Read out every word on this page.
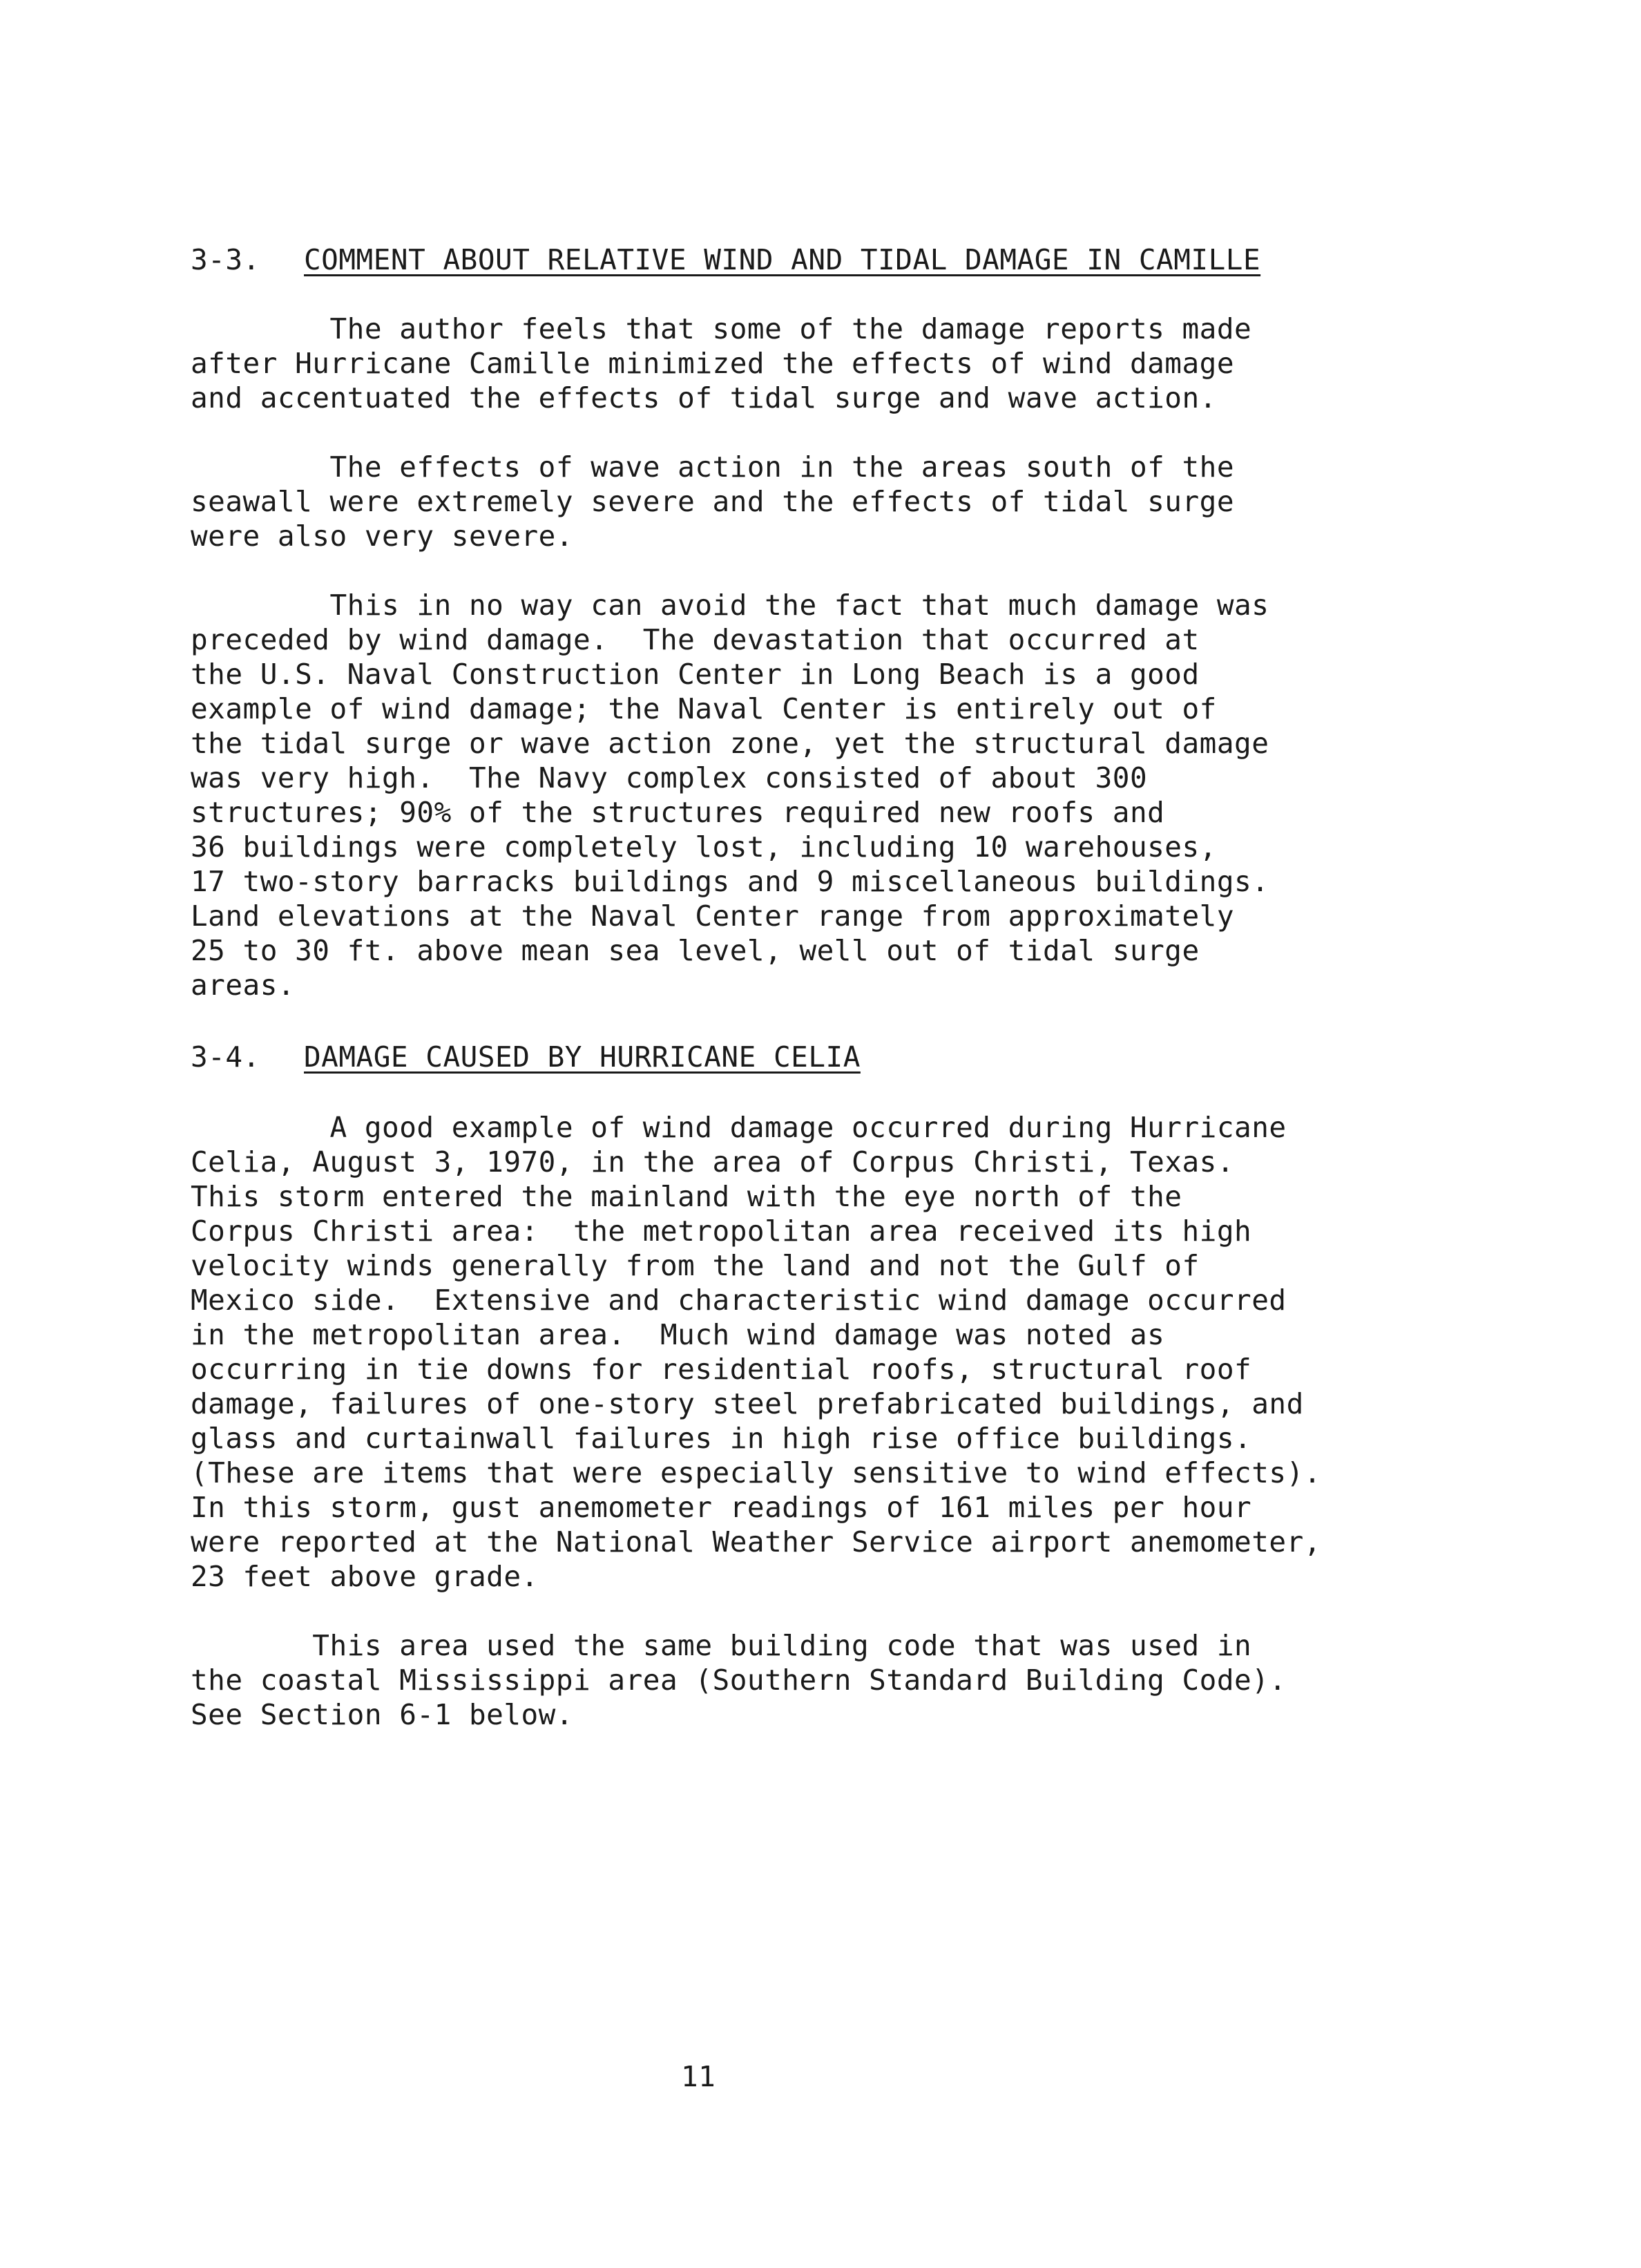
3-3. COMMENT ABOUT RELATIVE WIND AND TIDAL DAMAGE IN CAMILLE
The author feels that some of the damage reports made
after Hurricane Camille minimized the effects of wind damage
and accentuated the effects of tidal surge and wave action.
The effects of wave action in the areas south of the
seawall were extremely severe and the effects of tidal surge
were also very severe.
This in no way can avoid the fact that much damage was
preceded by wind damage.  The devastation that occurred at
the U.S. Naval Construction Center in Long Beach is a good
example of wind damage; the Naval Center is entirely out of
the tidal surge or wave action zone, yet the structural damage
was very high.  The Navy complex consisted of about 300
structures; 90% of the structures required new roofs and
36 buildings were completely lost, including 10 warehouses,
17 two-story barracks buildings and 9 miscellaneous buildings.
Land elevations at the Naval Center range from approximately
25 to 30 ft. above mean sea level, well out of tidal surge
areas.
3-4. DAMAGE CAUSED BY HURRICANE CELIA
A good example of wind damage occurred during Hurricane
Celia, August 3, 1970, in the area of Corpus Christi, Texas.
This storm entered the mainland with the eye north of the
Corpus Christi area:  the metropolitan area received its high
velocity winds generally from the land and not the Gulf of
Mexico side.  Extensive and characteristic wind damage occurred
in the metropolitan area.  Much wind damage was noted as
occurring in tie downs for residential roofs, structural roof
damage, failures of one-story steel prefabricated buildings, and
glass and curtainwall failures in high rise office buildings.
(These are items that were especially sensitive to wind effects).
In this storm, gust anemometer readings of 161 miles per hour
were reported at the National Weather Service airport anemometer,
23 feet above grade.
This area used the same building code that was used in
the coastal Mississippi area (Southern Standard Building Code).
See Section 6-1 below.
11
